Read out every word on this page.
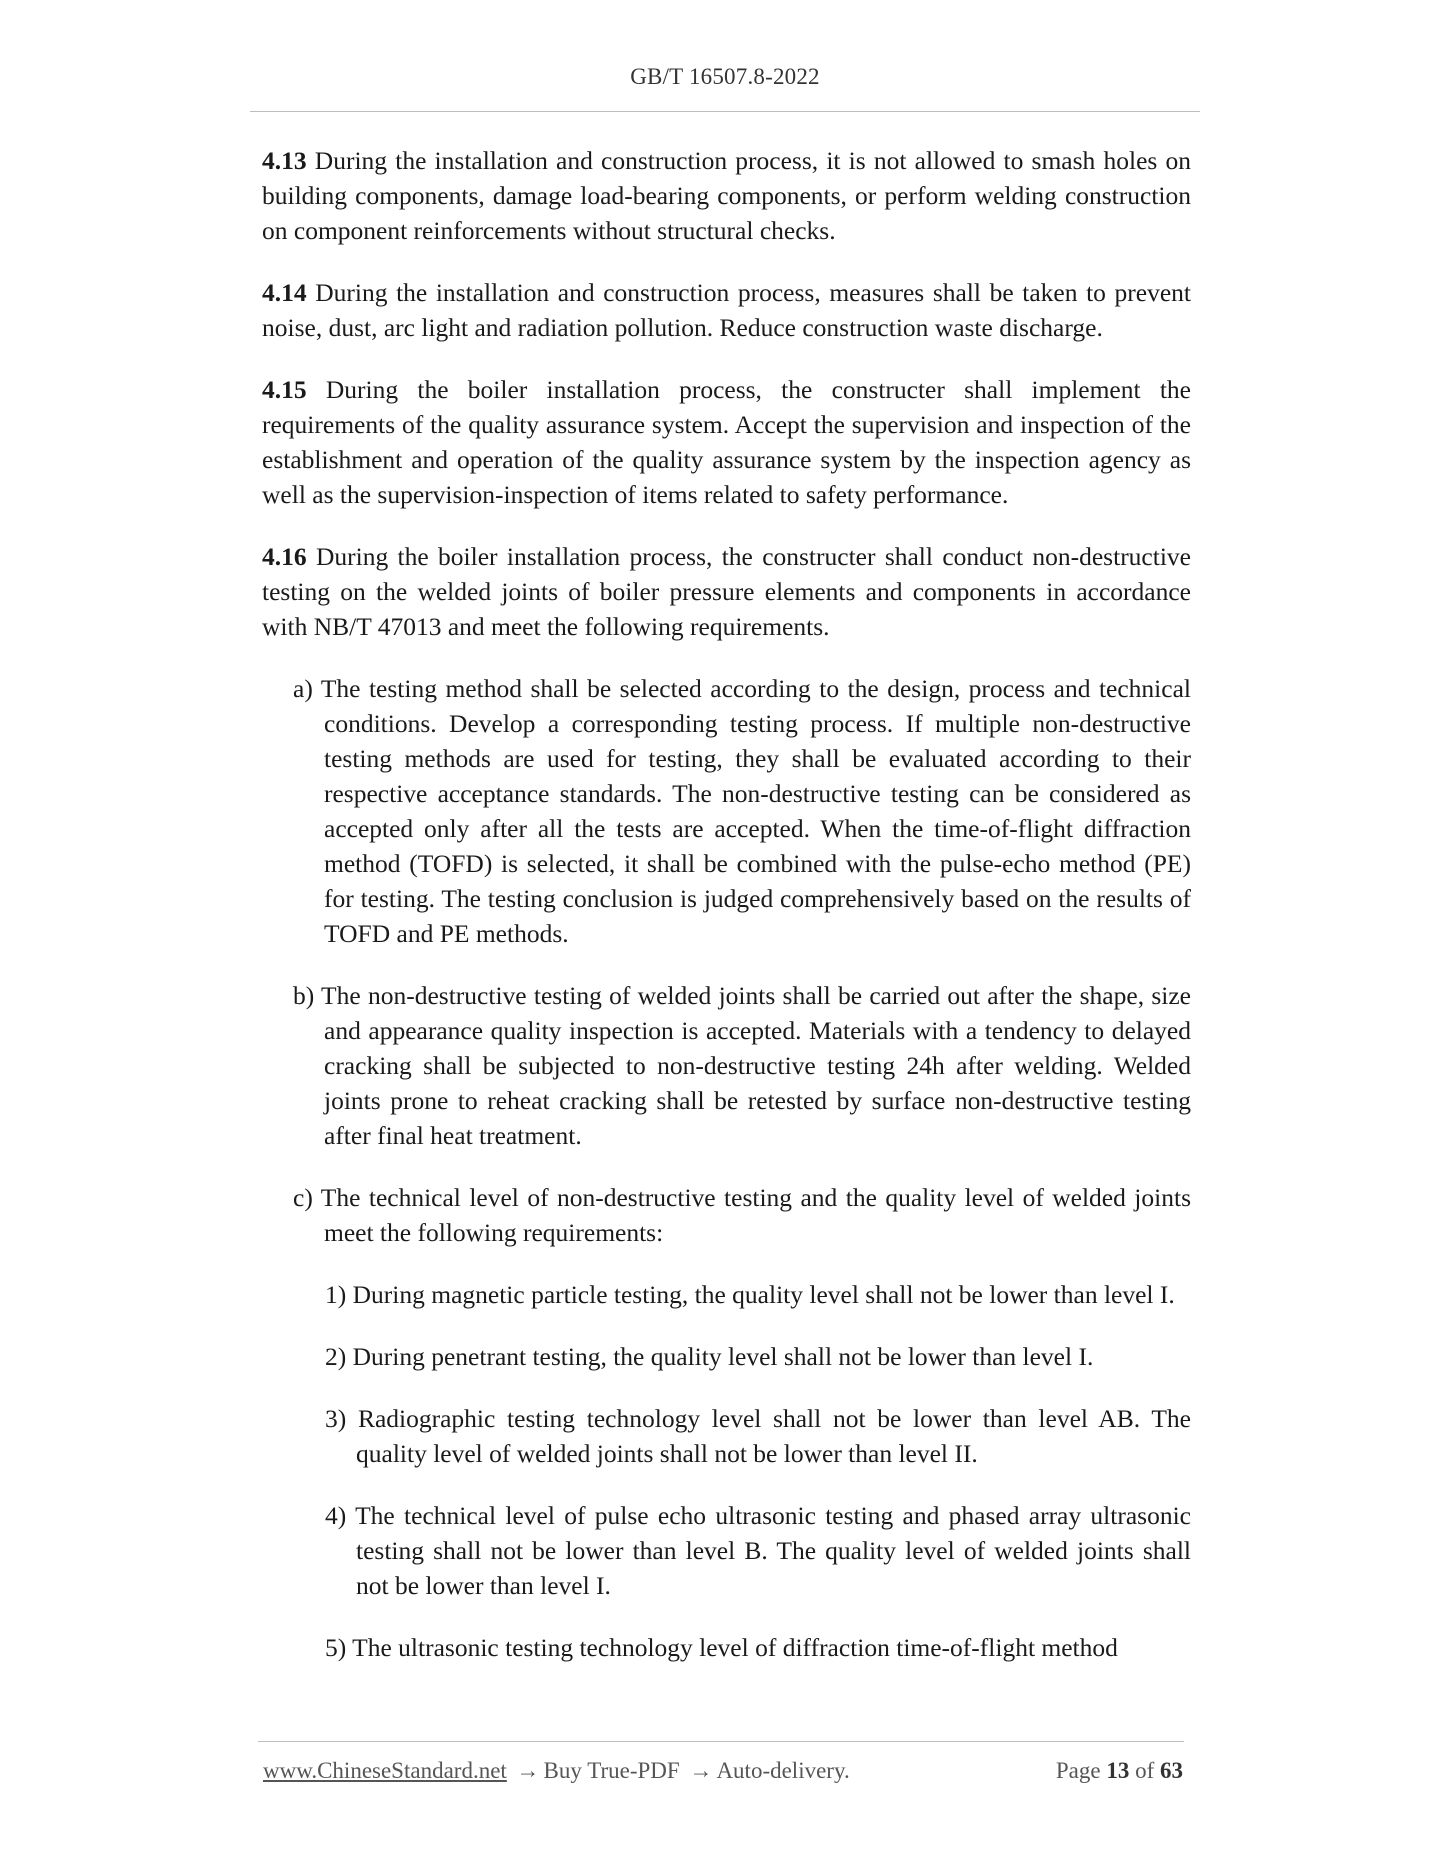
GB/T 16507.8-2022

4.13 During the installation and construction process, it is not allowed to smash holes on building components, damage load-bearing components, or perform welding construction on component reinforcements without structural checks.

4.14 During the installation and construction process, measures shall be taken to prevent noise, dust, arc light and radiation pollution. Reduce construction waste discharge.

4.15 During the boiler installation process, the constructer shall implement the requirements of the quality assurance system. Accept the supervision and inspection of the establishment and operation of the quality assurance system by the inspection agency as well as the supervision-inspection of items related to safety performance.

4.16 During the boiler installation process, the constructer shall conduct non-destructive testing on the welded joints of boiler pressure elements and components in accordance with NB/T 47013 and meet the following requirements.

a) The testing method shall be selected according to the design, process and technical conditions. Develop a corresponding testing process. If multiple non-destructive testing methods are used for testing, they shall be evaluated according to their respective acceptance standards. The non-destructive testing can be considered as accepted only after all the tests are accepted. When the time-of-flight diffraction method (TOFD) is selected, it shall be combined with the pulse-echo method (PE) for testing. The testing conclusion is judged comprehensively based on the results of TOFD and PE methods.

b) The non-destructive testing of welded joints shall be carried out after the shape, size and appearance quality inspection is accepted. Materials with a tendency to delayed cracking shall be subjected to non-destructive testing 24h after welding. Welded joints prone to reheat cracking shall be retested by surface non-destructive testing after final heat treatment.

c) The technical level of non-destructive testing and the quality level of welded joints meet the following requirements:

1) During magnetic particle testing, the quality level shall not be lower than level I.

2) During penetrant testing, the quality level shall not be lower than level I.

3) Radiographic testing technology level shall not be lower than level AB. The quality level of welded joints shall not be lower than level II.

4) The technical level of pulse echo ultrasonic testing and phased array ultrasonic testing shall not be lower than level B. The quality level of welded joints shall not be lower than level I.

5) The ultrasonic testing technology level of diffraction time-of-flight method

www.ChineseStandard.net → Buy True-PDF → Auto-delivery.	Page 13 of 63
